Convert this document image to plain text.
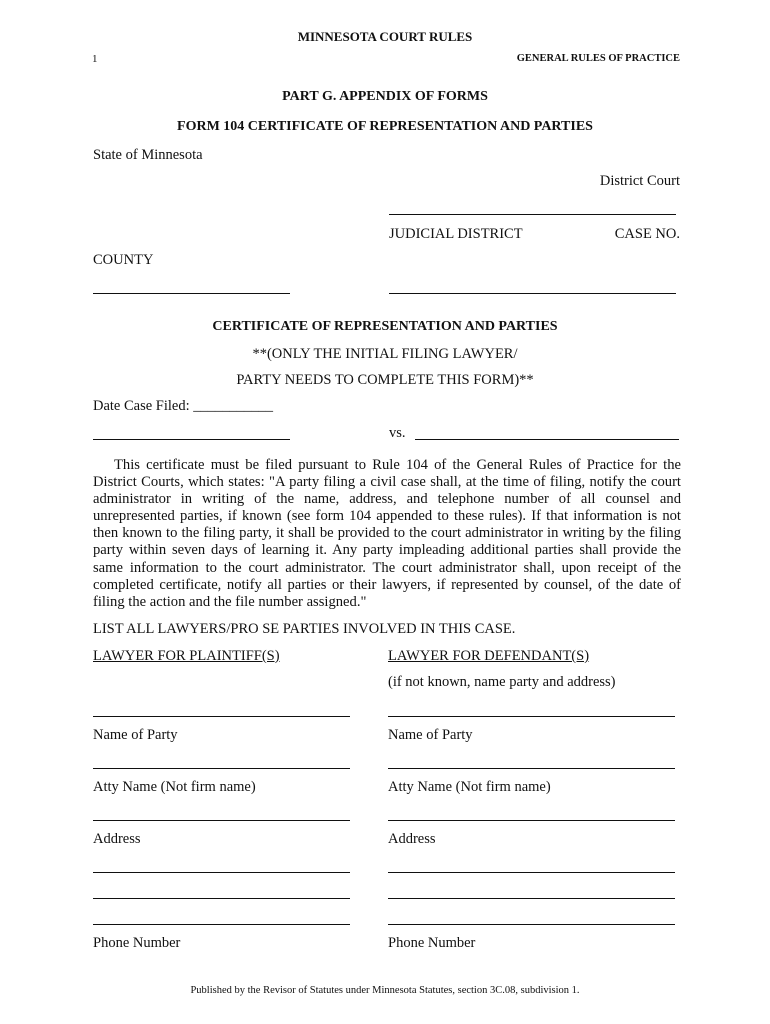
MINNESOTA COURT RULES
1	GENERAL RULES OF PRACTICE
PART G. APPENDIX OF FORMS
FORM 104 CERTIFICATE OF REPRESENTATION AND PARTIES
State of Minnesota
District Court
JUDICIAL DISTRICT	CASE NO.
COUNTY
CERTIFICATE OF REPRESENTATION AND PARTIES
**(ONLY THE INITIAL FILING LAWYER/
PARTY NEEDS TO COMPLETE THIS FORM)**
Date Case Filed: ___________
vs.
This certificate must be filed pursuant to Rule 104 of the General Rules of Practice for the District Courts, which states: "A party filing a civil case shall, at the time of filing, notify the court administrator in writing of the name, address, and telephone number of all counsel and unrepresented parties, if known (see form 104 appended to these rules). If that information is not then known to the filing party, it shall be provided to the court administrator in writing by the filing party within seven days of learning it. Any party impleading additional parties shall provide the same information to the court administrator. The court administrator shall, upon receipt of the completed certificate, notify all parties or their lawyers, if represented by counsel, of the date of filing the action and the file number assigned."
LIST ALL LAWYERS/PRO SE PARTIES INVOLVED IN THIS CASE.
LAWYER FOR PLAINTIFF(S)
Name of Party
Atty Name (Not firm name)
Address
Phone Number
LAWYER FOR DEFENDANT(S)
(if not known, name party and address)
Name of Party
Atty Name (Not firm name)
Address
Phone Number
Published by the Revisor of Statutes under Minnesota Statutes, section 3C.08, subdivision 1.
